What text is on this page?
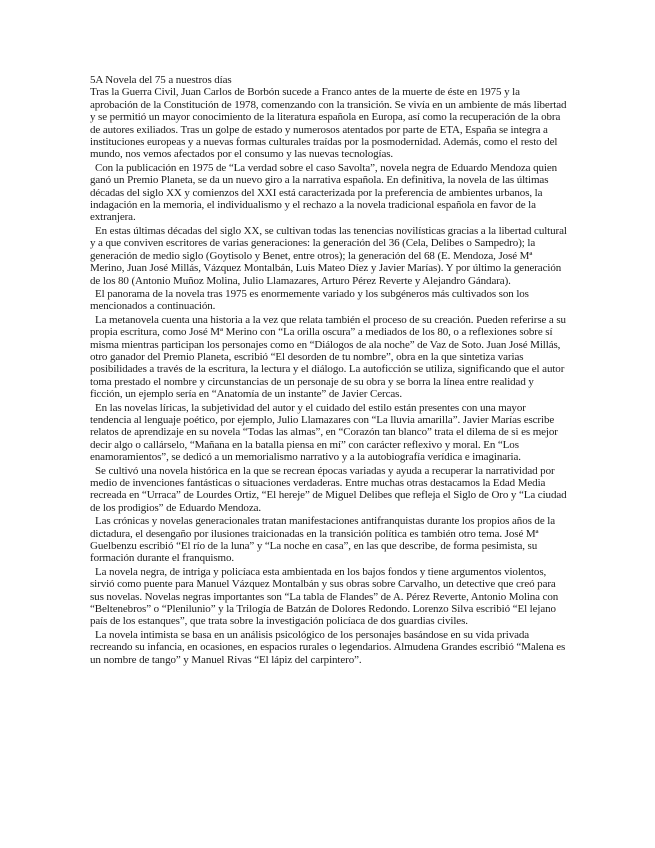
5A Novela del 75 a nuestros días

Tras la Guerra Civil, Juan Carlos de Borbón sucede a Franco antes de la muerte de éste en 1975 y la aprobación de la Constitución de 1978, comenzando con la transición. Se vivía en un ambiente de más libertad y se permitió un mayor conocimiento de la literatura española en Europa, así como la recuperación de la obra de autores exiliados. Tras un golpe de estado y numerosos atentados por parte de ETA, España se integra a instituciones europeas y a nuevas formas culturales traídas por la posmodernidad. Además, como el resto del mundo, nos vemos afectados por el consumo y las nuevas tecnologías.

Con la publicación en 1975 de “La verdad sobre el caso Savolta”, novela negra de Eduardo Mendoza quien ganó un Premio Planeta, se da un nuevo giro a la narrativa española. En definitiva, la novela de las últimas décadas del siglo XX y comienzos del XXI está caracterizada por la preferencia de ambientes urbanos, la indagación en la memoria, el individualismo y el rechazo a la novela tradicional española en favor de la extranjera.

En estas últimas décadas del siglo XX, se cultivan todas las tenencias novilísticas gracias a la libertad cultural y a que conviven escritores de varias generaciones: la generación del 36 (Cela, Delibes o Sampedro); la generación de medio siglo (Goytisolo y Benet, entre otros); la generación del 68 (E. Mendoza, José Mª Merino, Juan José Millás, Vázquez Montalbán, Luis Mateo Díez y Javier Marías). Y por último la generación de los 80 (Antonio Muñoz Molina, Julio Llamazares, Arturo Pérez Reverte y Alejandro Gándara).

El panorama de la novela tras 1975 es enormemente variado y los subgéneros más cultivados son los mencionados a continuación.

La metanovela cuenta una historia a la vez que relata también el proceso de su creación. Pueden referirse a su propia escritura, como José Mª Merino con “La orilla oscura” a mediados de los 80, o a reflexiones sobre sí misma mientras participan los personajes como en “Diálogos de ala noche” de Vaz de Soto. Juan José Millás, otro ganador del Premio Planeta, escribió “El desorden de tu nombre”, obra en la que sintetiza varias posibilidades a través de la escritura, la lectura y el diálogo. La autoficción se utiliza, significando que el autor toma prestado el nombre y circunstancias de un personaje de su obra y se borra la línea entre realidad y ficción, un ejemplo sería en “Anatomía de un instante” de Javier Cercas.

En las novelas líricas, la subjetividad del autor y el cuidado del estilo están presentes con una mayor tendencia al lenguaje poético, por ejemplo, Julio Llamazares con “La lluvia amarilla”. Javier Marías escribe relatos de aprendizaje en su novela “Todas las almas”, en “Corazón tan blanco” trata el dilema de si es mejor decir algo o callárselo, “Mañana en la batalla piensa en mí” con carácter reflexivo y moral. En “Los enamoramientos”, se dedicó a un memorialismo narrativo y a la autobiografía verídica e imaginaria.

Se cultivó una novela histórica en la que se recrean épocas variadas y ayuda a recuperar la narratividad por medio de invenciones fantásticas o situaciones verdaderas. Entre muchas otras destacamos la Edad Media recreada en “Urraca” de Lourdes Ortiz, “El hereje” de Miguel Delibes que refleja el Siglo de Oro y “La ciudad de los prodigios” de Eduardo Mendoza.

Las crónicas y novelas generacionales tratan manifestaciones antifranquistas durante los propios años de la dictadura, el desengaño por ilusiones traicionadas en la transición política es también otro tema. José Mª Guelbenzu escribió “El río de la luna” y “La noche en casa”, en las que describe, de forma pesimista, su formación durante el franquismo.

La novela negra, de intriga y policíaca esta ambientada en los bajos fondos y tiene argumentos violentos, sirvió como puente para Manuel Vázquez Montalbán y sus obras sobre Carvalho, un detective que creó para sus novelas. Novelas negras importantes son “La tabla de Flandes” de A. Pérez Reverte, Antonio Molina con “Beltenebros” o “Plenilunio” y la Trilogía de Batzán de Dolores Redondo. Lorenzo Silva escribió “El lejano país de los estanques”, que trata sobre la investigación policíaca de dos guardias civiles.

La novela intimista se basa en un análisis psicológico de los personajes basándose en su vida privada recreando su infancia, en ocasiones, en espacios rurales o legendarios. Almudena Grandes escribió “Malena es un nombre de tango” y Manuel Rivas “El lápiz del carpintero”.
